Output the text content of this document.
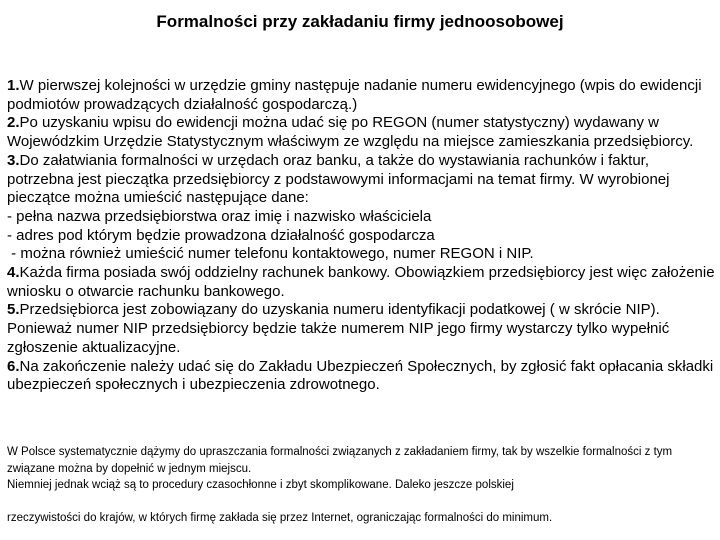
Formalności przy zakładaniu firmy jednoosobowej

1.W pierwszej kolejności w urzędzie gminy następuje nadanie numeru ewidencyjnego (wpis do ewidencji podmiotów prowadzących działalność gospodarczą.)

2.Po uzyskaniu wpisu do ewidencji można udać się po REGON (numer statystyczny) wydawany w Wojewódzkim Urzędzie Statystycznym właściwym ze względu na miejsce zamieszkania przedsiębiorcy.

3.Do załatwiania formalności w urzędach oraz banku, a także do wystawiania rachunków i faktur, potrzebna jest pieczątka przedsiębiorcy z podstawowymi informacjami na temat firmy. W wyrobionej pieczątce można umieścić następujące dane:

- pełna nazwa przedsiębiorstwa oraz imię i nazwisko właściciela

- adres pod którym będzie prowadzona działalność gospodarcza

- można również umieścić numer telefonu kontaktowego, numer REGON i NIP.

4.Każda firma posiada swój oddzielny rachunek bankowy. Obowiązkiem przedsiębiorcy jest więc założenie wniosku o otwarcie rachunku bankowego.

5.Przedsiębiorca jest zobowiązany do uzyskania numeru identyfikacji podatkowej ( w skrócie NIP). Ponieważ numer NIP przedsiębiorcy będzie także numerem NIP jego firmy wystarczy tylko wypełnić zgłoszenie aktualizacyjne.

6.Na zakończenie należy udać się do Zakładu Ubezpieczeń Społecznych, by zgłosić fakt opłacania składki ubezpieczeń społecznych i ubezpieczenia zdrowotnego.

W Polsce systematycznie dążymy do upraszczania formalności związanych z zakładaniem firmy, tak by wszelkie formalności z tym związane można by dopełnić w jednym miejscu.

Niemniej jednak wciąż są to procedury czasochłonne i zbyt skomplikowane. Daleko jeszcze polskiej

rzeczywistości do krajów, w których firmę zakłada się przez Internet, ograniczając formalności do minimum.
